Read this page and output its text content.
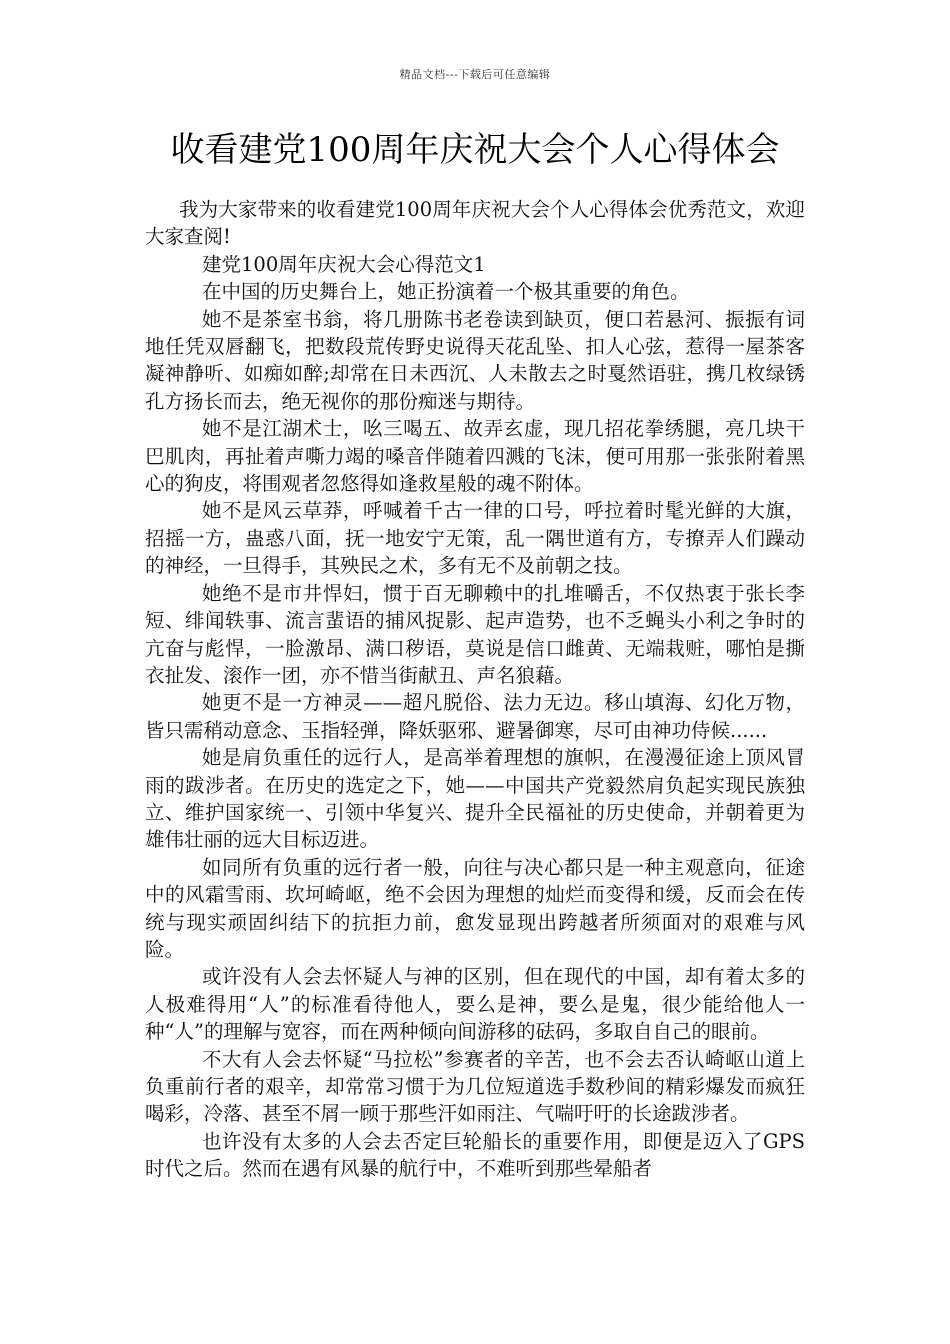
精品文档---下载后可任意编辑
收看建党100周年庆祝大会个人心得体会

我为大家带来的收看建党100周年庆祝大会个人心得体会优秀范文，欢迎大家查阅!

建党100周年庆祝大会心得范文1

在中国的历史舞台上，她正扮演着一个极其重要的角色。

她不是茶室书翁，将几册陈书老卷读到缺页，便口若悬河、振振有词地任凭双唇翻飞，把数段荒传野史说得天花乱坠、扣人心弦，惹得一屋茶客凝神静听、如痴如醉;却常在日未西沉、人未散去之时戛然语驻，携几枚绿锈孔方扬长而去，绝无视你的那份痴迷与期待。

她不是江湖术士，吆三喝五、故弄玄虚，现几招花拳绣腿，亮几块干巴肌肉，再扯着声嘶力竭的嗓音伴随着四溅的飞沫，便可用那一张张附着黑心的狗皮，将围观者忽悠得如逢救星般的魂不附体。

她不是风云草莽，呼喊着千古一律的口号，呼拉着时髦光鲜的大旗，招摇一方，蛊惑八面，抚一地安宁无策，乱一隅世道有方，专撩弄人们躁动的神经，一旦得手，其殃民之术，多有无不及前朝之技。

她绝不是市井悍妇，惯于百无聊赖中的扎堆嚼舌，不仅热衷于张长李短、绯闻轶事、流言蜚语的捕风捉影、起声造势，也不乏蝇头小利之争时的亢奋与彪悍，一脸激昂、满口秽语，莫说是信口雌黄、无端栽赃，哪怕是撕衣扯发、滚作一团，亦不惜当街献丑、声名狼藉。

她更不是一方神灵——超凡脱俗、法力无边。移山填海、幻化万物，皆只需稍动意念、玉指轻弹，降妖驱邪、避暑御寒，尽可由神功侍候......

她是肩负重任的远行人，是高举着理想的旗帜，在漫漫征途上顶风冒雨的跋涉者。在历史的选定之下，她——中国共产党毅然肩负起实现民族独立、维护国家统一、引领中华复兴、提升全民福祉的历史使命，并朝着更为雄伟壮丽的远大目标迈进。

如同所有负重的远行者一般，向往与决心都只是一种主观意向，征途中的风霜雪雨、坎坷崎岖，绝不会因为理想的灿烂而变得和缓，反而会在传统与现实顽固纠结下的抗拒力前，愈发显现出跨越者所须面对的艰难与风险。

或许没有人会去怀疑人与神的区别，但在现代的中国，却有着太多的人极难得用“人”的标准看待他人，要么是神，要么是鬼，很少能给他人一种“人”的理解与宽容，而在两种倾向间游移的砝码，多取自自己的眼前。

不大有人会去怀疑“马拉松”参赛者的辛苦，也不会去否认崎岖山道上负重前行者的艰辛，却常常习惯于为几位短道选手数秒间的精彩爆发而疯狂喝彩，冷落、甚至不屑一顾于那些汗如雨注、气喘吁吁的长途跋涉者。

也许没有太多的人会去否定巨轮船长的重要作用，即便是迈入了GPS时代之后。然而在遇有风暴的航行中，不难听到那些晕船者
